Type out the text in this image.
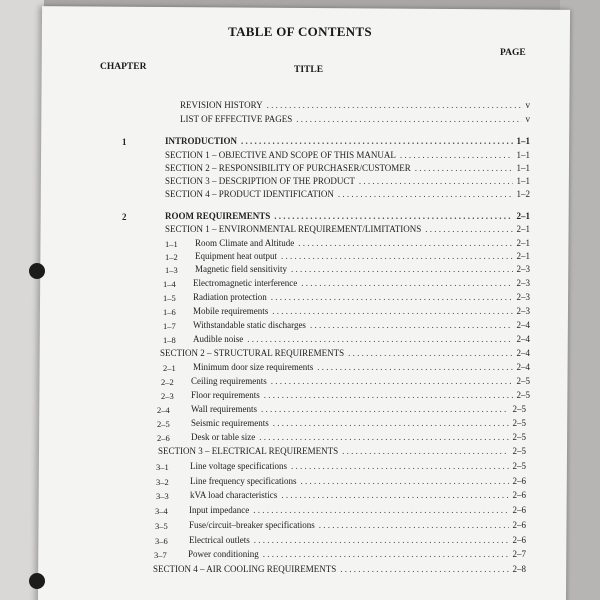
TABLE OF CONTENTS
CHAPTER	TITLE
PAGE
REVISION HISTORY . . .	v
LIST OF EFFECTIVE PAGES . . .	v
1	INTRODUCTION . . .	1–1
SECTION 1 – OBJECTIVE AND SCOPE OF THIS MANUAL . . .	1–1
SECTION 2 – RESPONSIBILITY OF PURCHASER/CUSTOMER . . .	1–1
SECTION 3 – DESCRIPTION OF THE PRODUCT . . .	1–1
SECTION 4 – PRODUCT IDENTIFICATION . . .	1–2
2	ROOM REQUIREMENTS . . .	2–1
SECTION 1 – ENVIRONMENTAL REQUIREMENT/LIMITATIONS . . .	2–1
1–1 Room Climate and Altitude . . .	2–1
1–2 Equipment heat output . . .	2–1
1–3 Magnetic field sensitivity . . .	2–3
1–4 Electromagnetic interference . . .	2–3
1–5 Radiation protection . . .	2–3
1–6 Mobile requirements . . .	2–3
1–7 Withstandable static discharges . . .	2–4
1–8 Audible noise . . .	2–4
SECTION 2 – STRUCTURAL REQUIREMENTS . . .	2–4
2–1 Minimum door size requirements . . .	2–4
2–2 Ceiling requirements . . .	2–5
2–3 Floor requirements . . .	2–5
2–4 Wall requirements . . .	2–5
2–5 Seismic requirements . . .	2–5
2–6 Desk or table size . . .	2–5
SECTION 3 – ELECTRICAL REQUIREMENTS . . .	2–5
3–1 Line voltage specifications . . .	2–5
3–2 Line frequency specifications . . .	2–6
3–3 kVA load characteristics . . .	2–6
3–4 Input impedance . . .	2–6
3–5 Fuse/circuit–breaker specifications . . .	2–6
3–6 Electrical outlets . . .	2–6
3–7 Power conditioning . . .	2–7
SECTION 4 – AIR COOLING REQUIREMENTS . . .	2–8
